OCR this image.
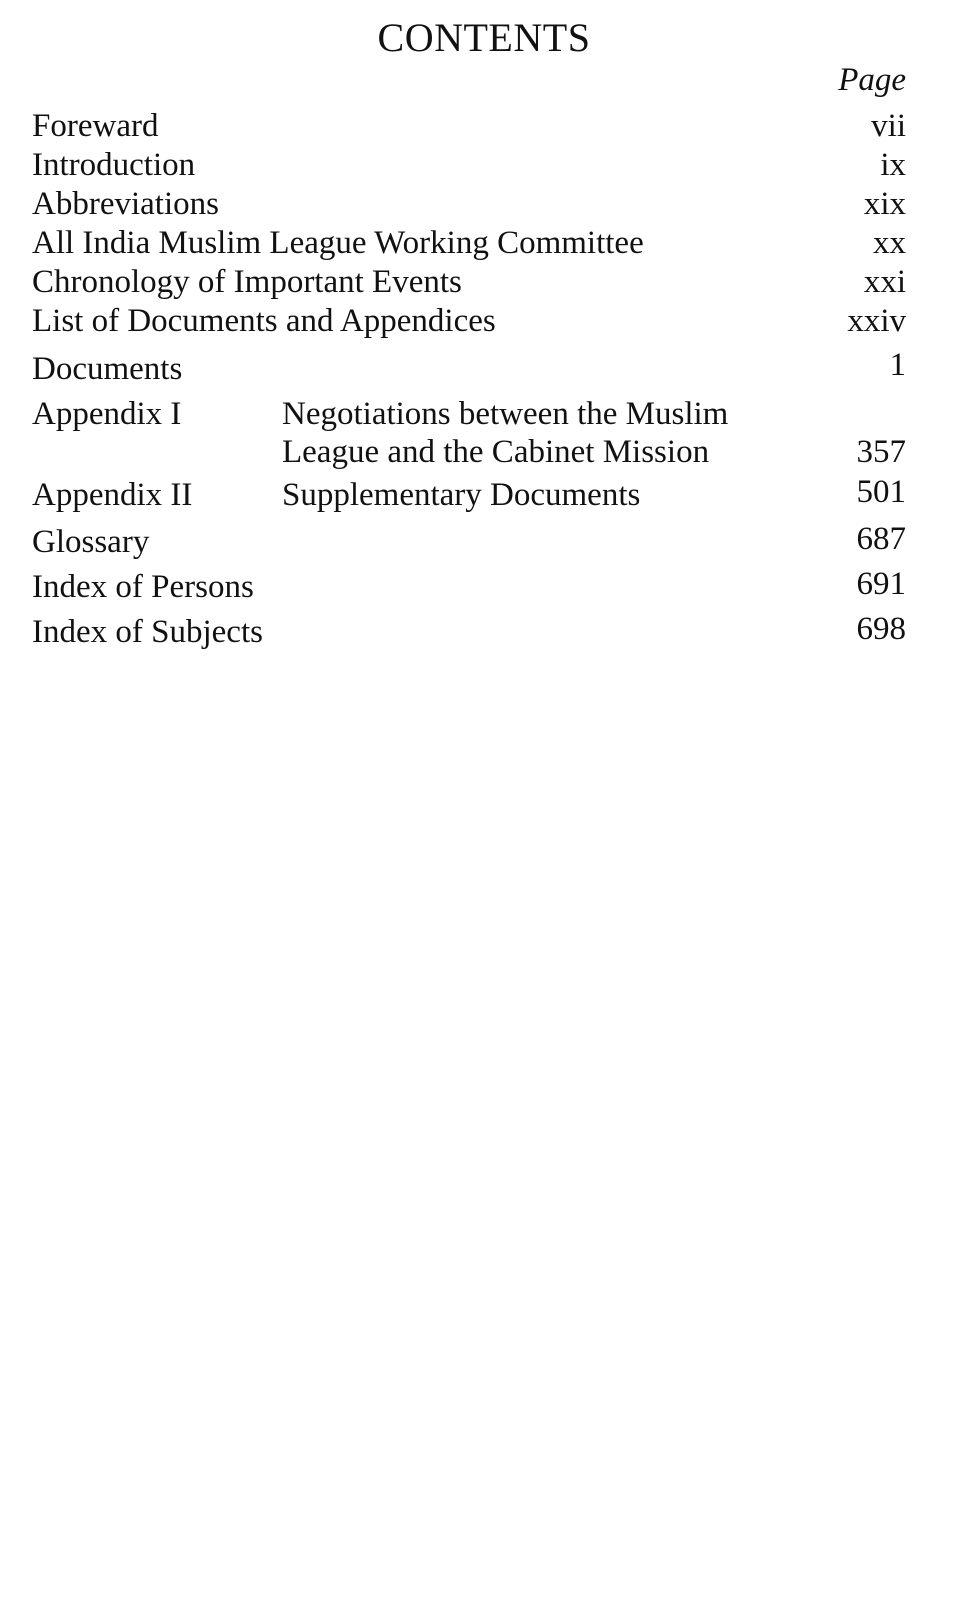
CONTENTS
Page
Foreward	vii
Introduction	ix
Abbreviations	xix
All India Muslim League Working Committee	xx
Chronology of Important Events	xxi
List of Documents and Appendices	xxiv
Documents	1
Appendix I	Negotiations between the Muslim
League and the Cabinet Mission	357
Appendix II	Supplementary Documents	501
Glossary	687
Index of Persons	691
Index of Subjects	698
